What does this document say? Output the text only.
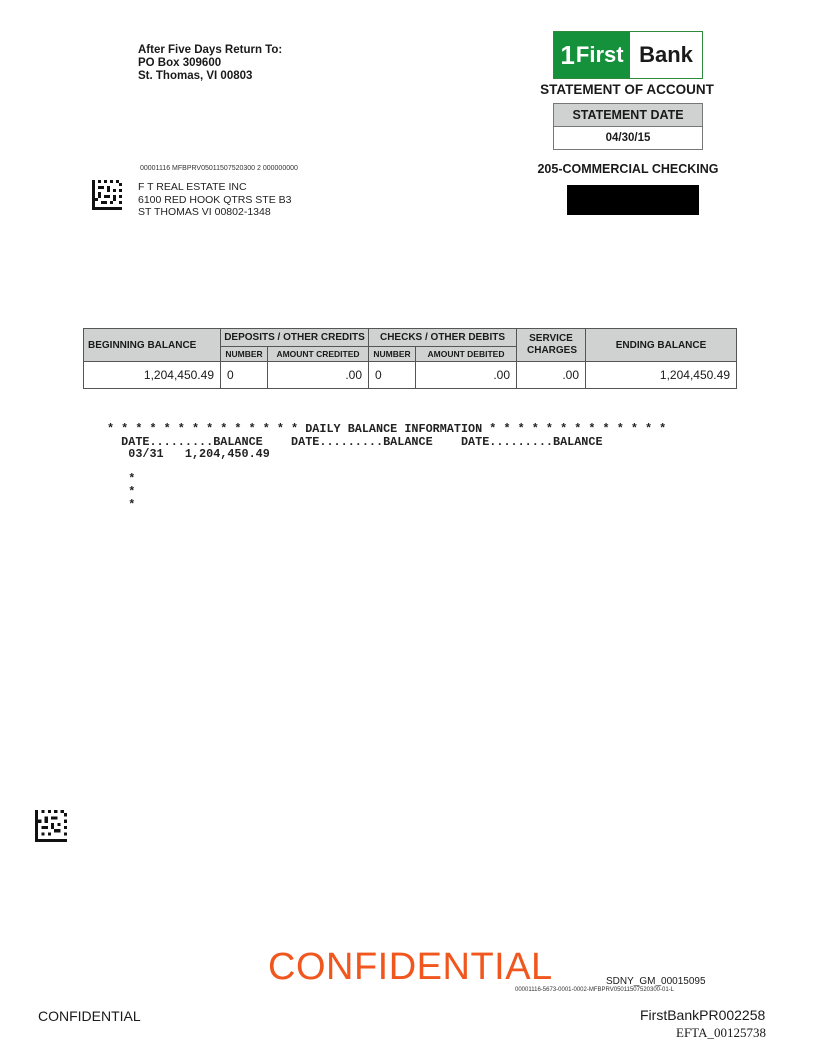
After Five Days Return To:
PO Box 309600
St. Thomas, VI 00803
1 First Bank
STATEMENT OF ACCOUNT
STATEMENT DATE
04/30/15
205-COMMERCIAL CHECKING
00001116 MFBPRV05011507520300 2 000000000
F T REAL ESTATE INC
6100 RED HOOK QTRS STE B3
ST THOMAS VI 00802-1348
BEGINNING BALANCE	DEPOSITS / OTHER CREDITS		CHECKS / OTHER DEBITS		SERVICE CHARGES	ENDING BALANCE
	NUMBER	AMOUNT CREDITED	NUMBER	AMOUNT DEBITED		
1,204,450.49	0	.00	0	.00	.00	1,204,450.49
* * * * * * * * * * * * * * DAILY BALANCE INFORMATION * * * * * * * * * * * * *
DATE.........BALANCE    DATE.........BALANCE    DATE.........BALANCE
03/31   1,204,450.49

*
*
*
CONFIDENTIAL	SDNY_GM_00015095
00001116-5673-0001-0002-MFBPRV05011507520300-01-L
CONFIDENTIAL	FirstBankPR002258
EFTA_00125738
